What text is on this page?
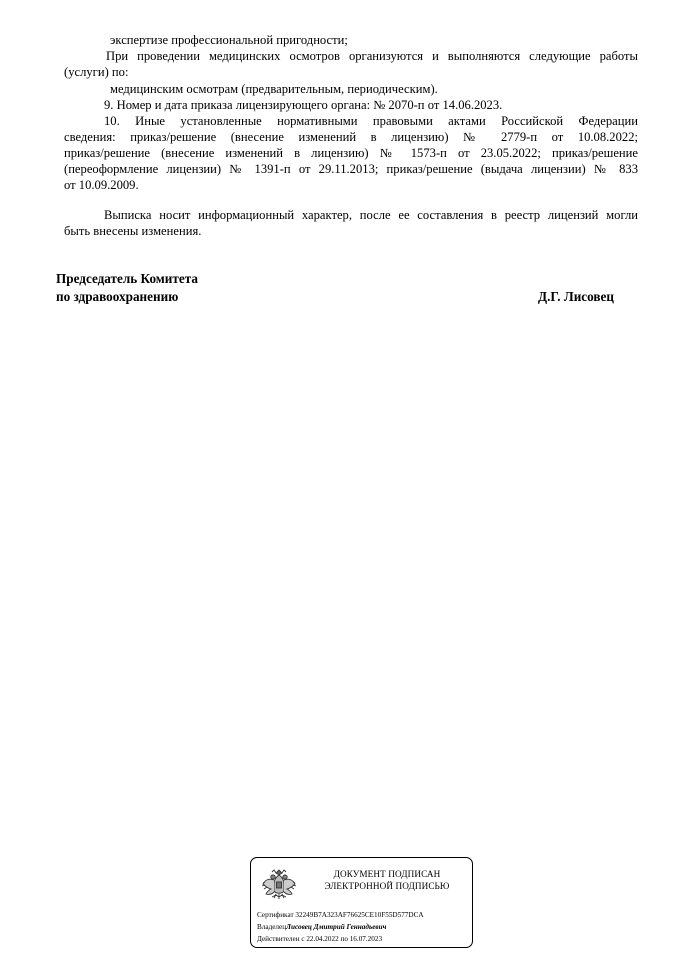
экспертизе профессиональной пригодности;
При проведении медицинских осмотров организуются и выполняются следующие работы
(услуги) по:
медицинским осмотрам (предварительным, периодическим).
9. Номер и дата приказа лицензирующего органа: № 2070-п от 14.06.2023.
10. Иные установленные нормативными правовыми актами Российской Федерации
сведения: приказ/решение (внесение изменений в лицензию) № 2779-п от 10.08.2022;
приказ/решение (внесение изменений в лицензию) № 1573-п от 23.05.2022; приказ/решение
(переоформление лицензии) № 1391-п от 29.11.2013; приказ/решение (выдача лицензии) № 833
от 10.09.2009.
Выписка носит информационный характер, после ее составления в реестр лицензий могли
быть внесены изменения.
Председатель Комитета
по здравоохранению	Д.Г. Лисовец
ДОКУМЕНТ ПОДПИСАН
ЭЛЕКТРОННОЙ ПОДПИСЬЮ
Сертификат 32249B7A323AF76625CE10F55D577DCA
ВладелецЛисовец Дмитрий Геннадьевич
Действителен с 22.04.2022 по 16.07.2023
